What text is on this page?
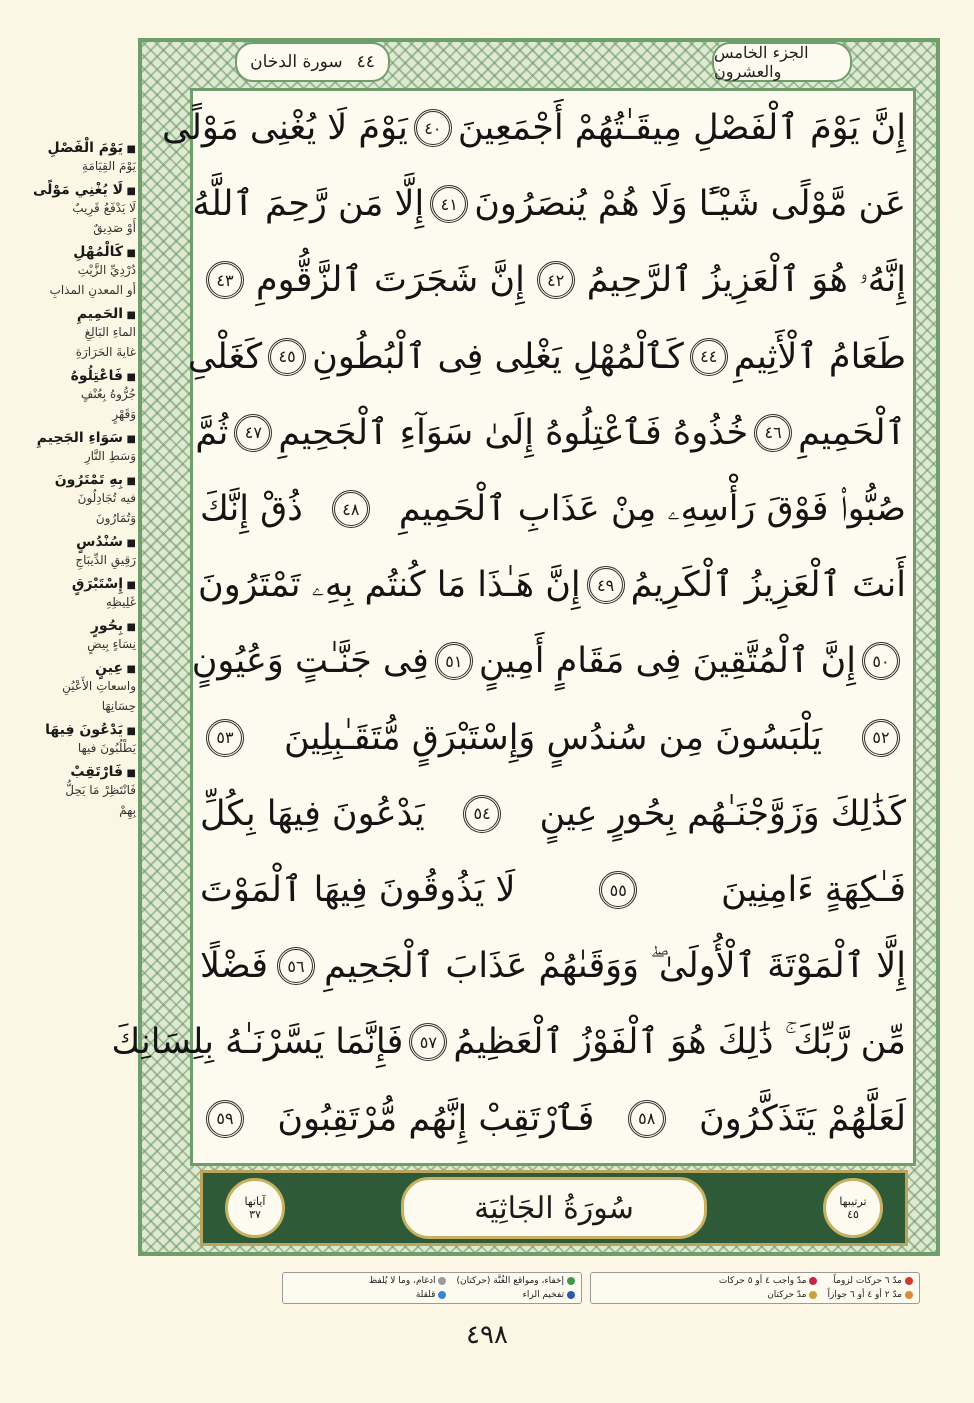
الجزء الخامس والعشرون
سورة الدخان ٤٤
إِنَّ يَوْمَ ٱلْفَصْلِ مِيقَـٰتُهُمْ أَجْمَعِينَ
٤٠
يَوْمَ لَا يُغْنِى مَوْلًى
عَن مَّوْلًى شَيْـًٔا وَلَا هُمْ يُنصَرُونَ
٤١
إِلَّا مَن رَّحِمَ ٱللَّهُ
إِنَّهُۥ هُوَ ٱلْعَزِيزُ ٱلرَّحِيمُ
٤٢
إِنَّ شَجَرَتَ ٱلزَّقُّومِ
٤٣
طَعَامُ ٱلْأَثِيمِ
٤٤
كَٱلْمُهْلِ يَغْلِى فِى ٱلْبُطُونِ
٤٥
كَغَلْىِ
ٱلْحَمِيمِ
٤٦
خُذُوهُ فَٱعْتِلُوهُ إِلَىٰ سَوَآءِ ٱلْجَحِيمِ
٤٧
ثُمَّ
صُبُّوا۟ فَوْقَ رَأْسِهِۦ مِنْ عَذَابِ ٱلْحَمِيمِ
٤٨
ذُقْ إِنَّكَ
أَنتَ ٱلْعَزِيزُ ٱلْكَرِيمُ
٤٩
إِنَّ هَـٰذَا مَا كُنتُم بِهِۦ تَمْتَرُونَ
٥٠
إِنَّ ٱلْمُتَّقِينَ فِى مَقَامٍ أَمِينٍ
٥١
فِى جَنَّـٰتٍ وَعُيُونٍ
٥٢
يَلْبَسُونَ مِن سُندُسٍ وَإِسْتَبْرَقٍ مُّتَقَـٰبِلِينَ
٥٣
كَذَٰلِكَ وَزَوَّجْنَـٰهُم بِحُورٍ عِينٍ
٥٤
يَدْعُونَ فِيهَا بِكُلِّ
فَـٰكِهَةٍ ءَامِنِينَ
٥٥
لَا يَذُوقُونَ فِيهَا ٱلْمَوْتَ
إِلَّا ٱلْمَوْتَةَ ٱلْأُولَىٰ ۖ وَوَقَىٰهُمْ عَذَابَ ٱلْجَحِيمِ
٥٦
فَضْلًا
مِّن رَّبِّكَ ۚ ذَٰلِكَ هُوَ ٱلْفَوْزُ ٱلْعَظِيمُ
٥٧
فَإِنَّمَا يَسَّرْنَـٰهُ بِلِسَانِكَ
لَعَلَّهُمْ يَتَذَكَّرُونَ
٥٨
فَٱرْتَقِبْ إِنَّهُم مُّرْتَقِبُونَ
٥٩
آياتها
٣٧	سُورَةُ الجَاثِيَة	ترتيبها
٤٥
■ يَوْمَ الْفَصْلِ
يَوْمَ القِيَامَةِ
■ لَا يُغْنِي مَوْلًى
لَا يَدْفَعُ قَرِيبٌ
أَوْ صَدِيقٌ
■ كَالْمُهْلِ
دُرْدِيِّ الزَّيْتِ
أو المعدنِ المذابِ
■ الحَمِيمِ
الماءِ البَالِغِ
غايةَ الحَرَارَةِ
■ فَاعْتِلُوهُ
جُرُّوهُ بِعُنْفٍ
وَقَهْرٍ
■ سَوَاءِ الجَحِيمِ
وَسَطِ النَّارِ
■ بِهِ تَمْتَرُونَ
فيه تُجَادِلُونَ
وَتُمَارُونَ
■ سُنْدُسٍ
رَقِيقِ الدِّيبَاجِ
■ إِسْتَبْرَقٍ
غَلِيظِهِ
■ بِحُورٍ
نِسَاءٍ بِيضٍ
■ عِينٍ
واسعاتِ الأَعْيُنِ
حِسَانِهَا
■ يَدْعُونَ فِيهَا
يَطْلُبُونَ فيها
■ فَارْتَقِبْ
فَانْتَظِرْ مَا يَحِلُّ
بِهِمْ
مدّ ٦ حركات لزوماً
مدّ ٢ أو ٤ أو ٦ جوازاً
مدّ واجب ٤ أو ٥ حركات
مدّ حركتان
إخفاء، ومواقع الغُنَّة (حركتان)
تفخيم الراء
ادغام، وما لا يُلفظ
قلقلة
٤٩٨
